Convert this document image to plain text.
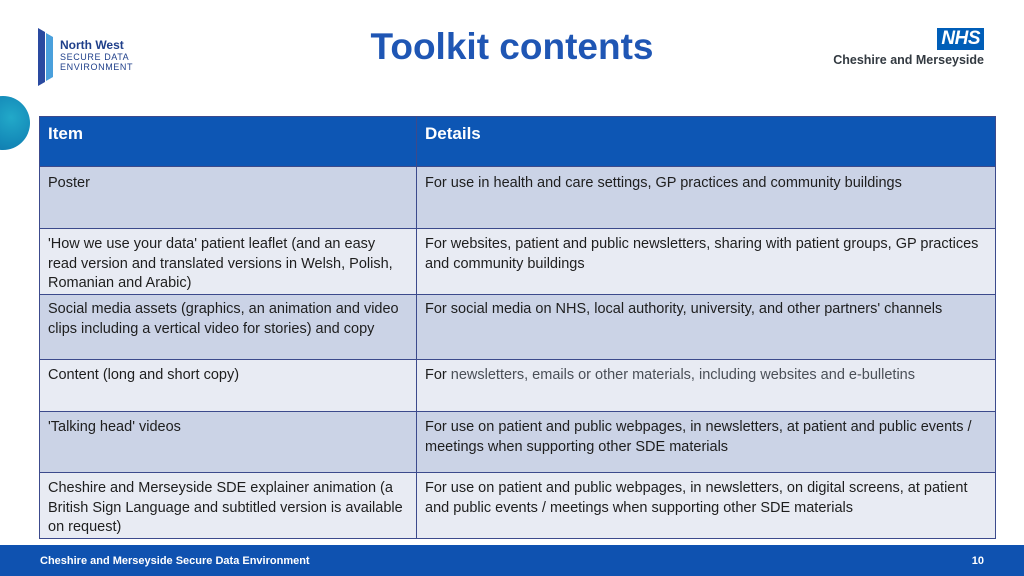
North West
SECURE DATA
ENVIRONMENT	Toolkit contents	NHS
Cheshire and Merseyside
Item	Details
Poster	For use in health and care settings, GP practices and community buildings
'How we use your data' patient leaflet (and an easy read version and translated versions in Welsh, Polish, Romanian and Arabic)	For websites, patient and public newsletters, sharing with patient groups, GP practices and community buildings
Social media assets (graphics, an animation and video clips including a vertical video for stories) and copy	For social media on NHS, local authority, university, and other partners' channels
Content (long and short copy)	For newsletters, emails or other materials, including websites and e-bulletins
'Talking head' videos	For use on patient and public webpages, in newsletters, at patient and public events / meetings when supporting other SDE materials
Cheshire and Merseyside SDE explainer animation (a British Sign Language and subtitled version is available on request)	For use on patient and public webpages, in newsletters, on digital screens, at patient and public events / meetings when supporting other SDE materials
Cheshire and Merseyside Secure Data Environment	10
